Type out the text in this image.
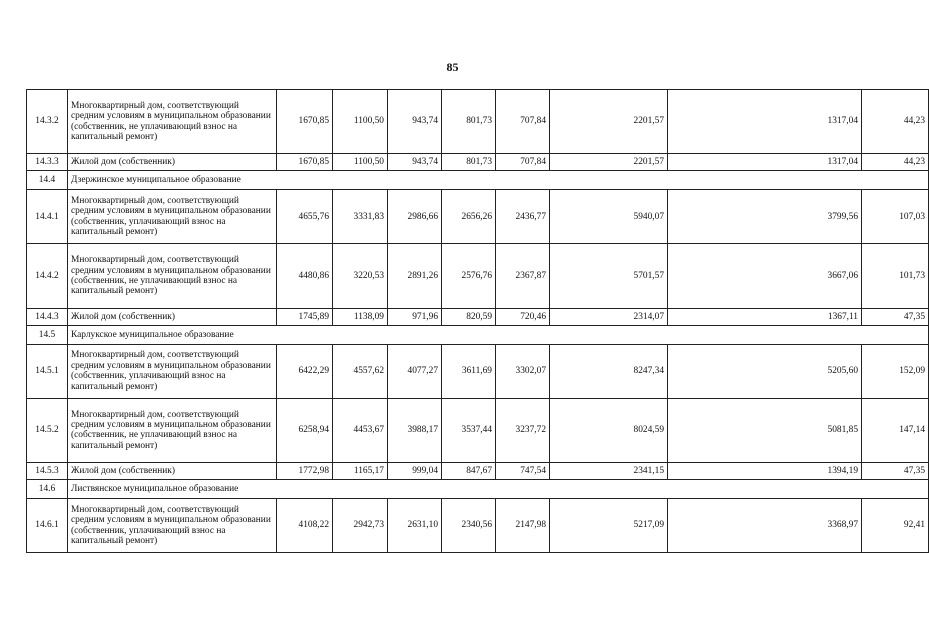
85
14.3.2	Многоквартирный дом, соответствующий средним условиям в муниципальном образовании (собственник, не уплачивающий взнос на капитальный ремонт)	1670,85	1100,50	943,74	801,73	707,84	2201,57	1317,04	44,23
14.3.3	Жилой дом (собственник)	1670,85	1100,50	943,74	801,73	707,84	2201,57	1317,04	44,23
14.4	Дзержинское муниципальное образование								
14.4.1	Многоквартирный дом, соответствующий средним условиям в муниципальном образовании (собственник, уплачивающий взнос на капитальный ремонт)	4655,76	3331,83	2986,66	2656,26	2436,77	5940,07	3799,56	107,03
14.4.2	Многоквартирный дом, соответствующий средним условиям в муниципальном образовании (собственник, не уплачивающий взнос на капитальный ремонт)	4480,86	3220,53	2891,26	2576,76	2367,87	5701,57	3667,06	101,73
14.4.3	Жилой дом (собственник)	1745,89	1138,09	971,96	820,59	720,46	2314,07	1367,11	47,35
14.5	Карлукское муниципальное образование								
14.5.1	Многоквартирный дом, соответствующий средним условиям в муниципальном образовании (собственник, уплачивающий взнос на капитальный ремонт)	6422,29	4557,62	4077,27	3611,69	3302,07	8247,34	5205,60	152,09
14.5.2	Многоквартирный дом, соответствующий средним условиям в муниципальном образовании (собственник, не уплачивающий взнос на капитальный ремонт)	6258,94	4453,67	3988,17	3537,44	3237,72	8024,59	5081,85	147,14
14.5.3	Жилой дом (собственник)	1772,98	1165,17	999,04	847,67	747,54	2341,15	1394,19	47,35
14.6	Листвянское муниципальное образование								
14.6.1	Многоквартирный дом, соответствующий средним условиям в муниципальном образовании (собственник, уплачивающий взнос на капитальный ремонт)	4108,22	2942,73	2631,10	2340,56	2147,98	5217,09	3368,97	92,41
